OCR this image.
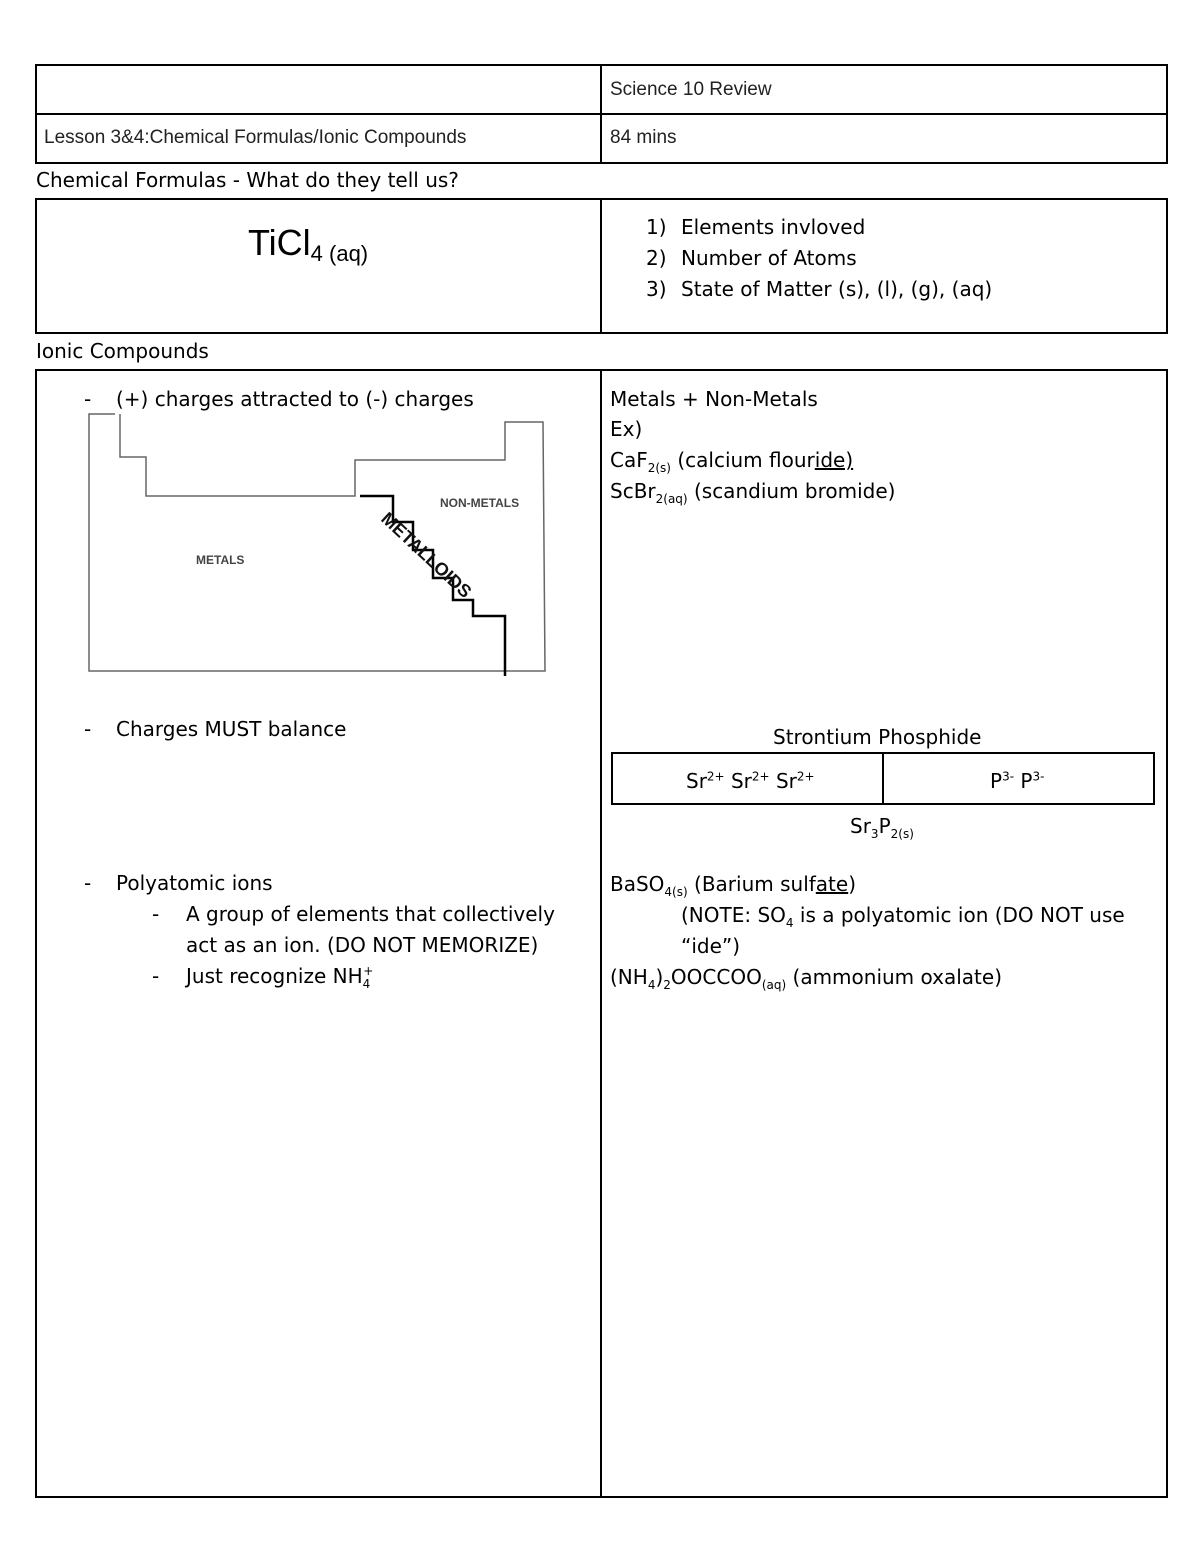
Science 10 Review
Lesson 3&4:Chemical Formulas/Ionic Compounds	84 mins
Chemical Formulas - What do they tell us?
TiCl4 (aq)
1) Elements invloved
2) Number of Atoms
3) State of Matter (s), (l), (g), (aq)
Ionic Compounds
- (+) charges attracted to (-) charges
METALS
NON-METALS
METALLOIDS
- Charges MUST balance
- Polyatomic ions
- A group of elements that collectively
act as an ion. (DO NOT MEMORIZE)
- Just recognize $NH_4^+$
Metals + Non-Metals
Ex)
CaF$_{2(s)}$ (calcium flouride)
ScBr$_{2(aq)}$ (scandium bromide)
Strontium Phosphide
$Sr^{2+}$ $Sr^{2+}$ $Sr^{2+}$	$P^{3-}$ $P^{3-}$
$Sr_3P_{2(s)}$
BaSO$_{4(s)}$ (Barium sulfate)
(NOTE: $SO_4$ is a polyatomic ion (DO NOT use
“ide”)
$(NH_4)_2OOCCOO_{(aq)}$ (ammonium oxalate)
